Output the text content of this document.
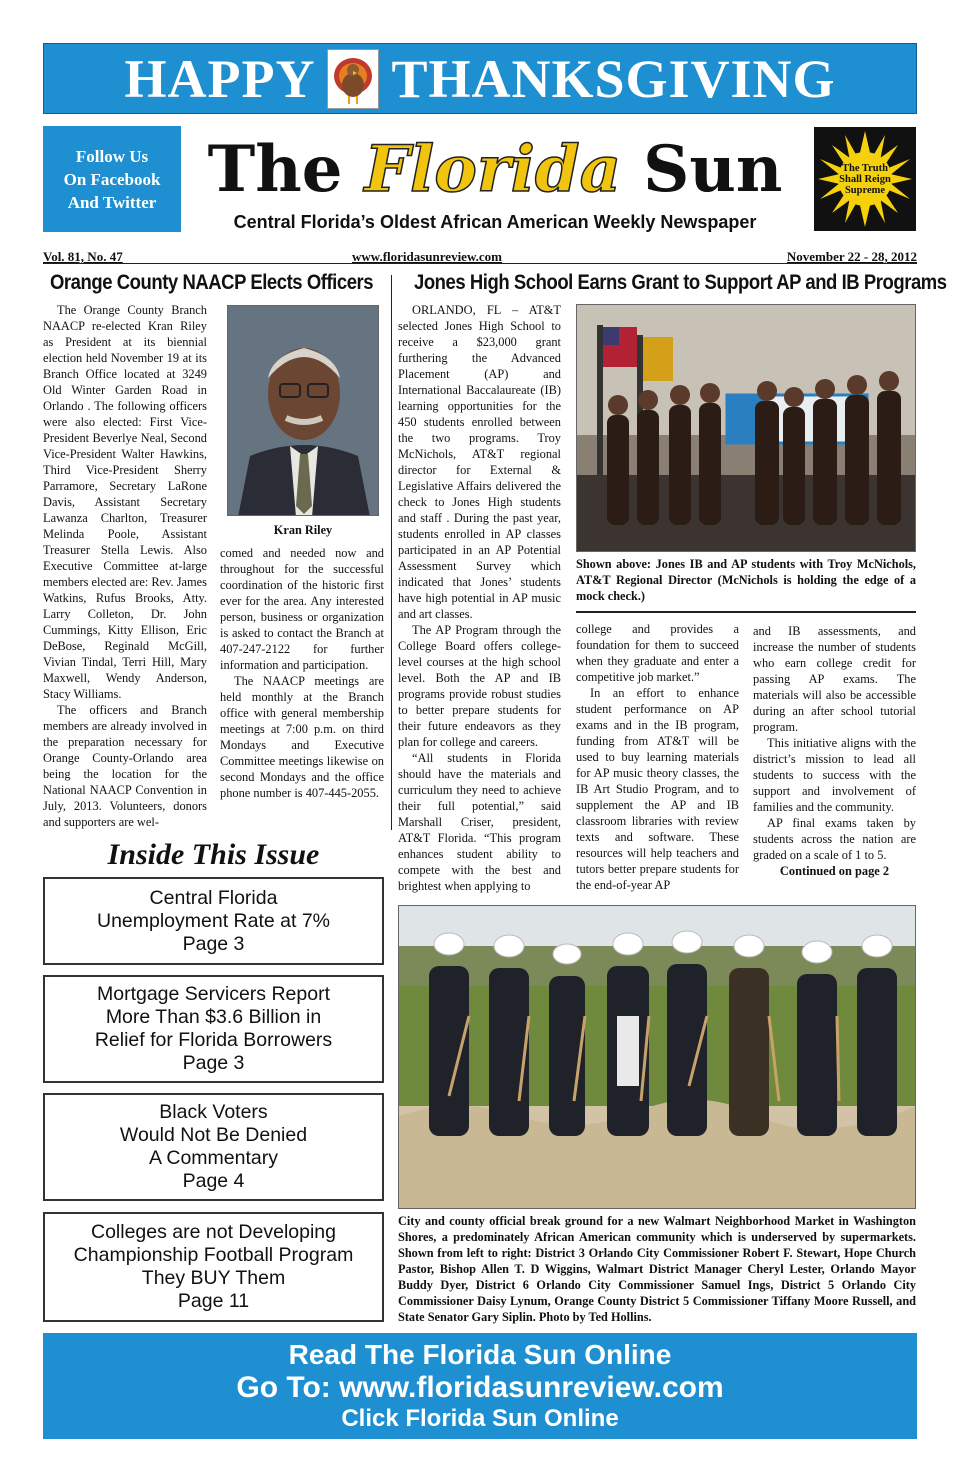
HAPPY THANKSGIVING
Follow Us
On Facebook
And Twitter The Florida Sun
Central Florida’s Oldest African American Weekly Newspaper
The Truth
Shall Reign
Supreme
Vol. 81, No. 47	www.floridasunreview.com	November 22 - 28, 2012
Orange County NAACP Elects Officers

The Orange County Branch NAACP re-elected Kran Riley as President at its biennial election held November 19 at its Branch Office located at 3249 Old Winter Garden Road in Orlando . The following officers were also elected: First Vice-President Beverlye Neal, Second Vice-President Walter Hawkins, Third Vice-President Sherry Parramore, Secretary LaRone Davis, Assistant Secretary Lawanza Charlton, Treasurer Melinda Poole, Assistant Treasurer Stella Lewis. Also Executive Committee at-large members elected are: Rev. James Watkins, Rufus Brooks, Atty. Larry Colleton, Dr. John Cummings, Kitty Ellison, Eric DeBose, Reginald McGill, Vivian Tindal, Terri Hill, Mary Maxwell, Wendy Anderson, Stacy Williams.

The officers and Branch members are already involved in the preparation necessary for Orange County-Orlando area being the location for the National NAACP Convention in July, 2013. Volunteers, donors and supporters are wel-

Kran Riley

comed and needed now and throughout for the successful coordination of the historic first ever for the area. Any interested person, business or organization is asked to contact the Branch at 407-247-2122 for further information and participation.

The NAACP meetings are held monthly at the Branch office with general membership meetings at 7:00 p.m. on third Mondays and Executive Committee meetings likewise on second Mondays and the office phone number is 407-445-2055.

Jones High School Earns Grant to Support AP and IB Programs

ORLANDO, FL – AT&T selected Jones High School to receive a $23,000 grant furthering the Advanced Placement (AP) and International Baccalaureate (IB) learning opportunities for the 450 students enrolled between the two programs. Troy McNichols, AT&T regional director for External & Legislative Affairs delivered the check to Jones High students and staff . During the past year, students enrolled in AP classes participated in an AP Potential Assessment Survey which indicated that Jones’ students have high potential in AP music and art classes.

The AP Program through the College Board offers college-level courses at the high school level. Both the AP and IB programs provide robust studies to better prepare students for their future endeavors as they plan for college and careers.

“All students in Florida should have the materials and curriculum they need to achieve their full potential,” said Marshall Criser, president, AT&T Florida. “This program enhances student ability to compete with the best and brightest when applying to

Shown above: Jones IB and AP students with Troy McNichols, AT&T Regional Director (McNichols is holding the edge of a mock check.)

college and provides a foundation for them to succeed when they graduate and enter a competitive job market.”

In an effort to enhance student performance on AP exams and in the IB program, funding from AT&T will be used to buy learning materials for AP music theory classes, the IB Art Studio Program, and to supplement the AP and IB classroom libraries with review texts and software. These resources will help teachers and tutors better prepare students for the end-of-year AP

and IB assessments, and increase the number of students who earn college credit for passing AP exams. The materials will also be accessible during an after school tutorial program.

This initiative aligns with the district’s mission to lead all students to success with the support and involvement of families and the community.

AP final exams taken by students across the nation are graded on a scale of 1 to 5.

Continued on page 2
Inside This Issue
Central Florida
Unemployment Rate at 7%
Page 3
Mortgage Servicers Report
More Than $3.6 Billion in
Relief for Florida Borrowers
Page 3
Black Voters
Would Not Be Denied
A Commentary
Page 4
Colleges are not Developing
Championship Football Program
They BUY Them
Page 11
City and county official break ground for a new Walmart Neighborhood Market in Washington Shores, a predominately African American community which is underserved by supermarkets. Shown from left to right: District 3 Orlando City Commissioner Robert F. Stewart, Hope Church Pastor, Bishop Allen T. D Wiggins, Walmart District Manager Cheryl Lester, Orlando Mayor Buddy Dyer, District 6 Orlando City Commissioner Samuel Ings, District 5 Orlando City Commissioner Daisy Lynum, Orange County District 5 Commissioner Tiffany Moore Russell, and State Senator Gary Siplin. Photo by Ted Hollins.
Read The Florida Sun Online
Go To: www.floridasunreview.com
Click Florida Sun Online
